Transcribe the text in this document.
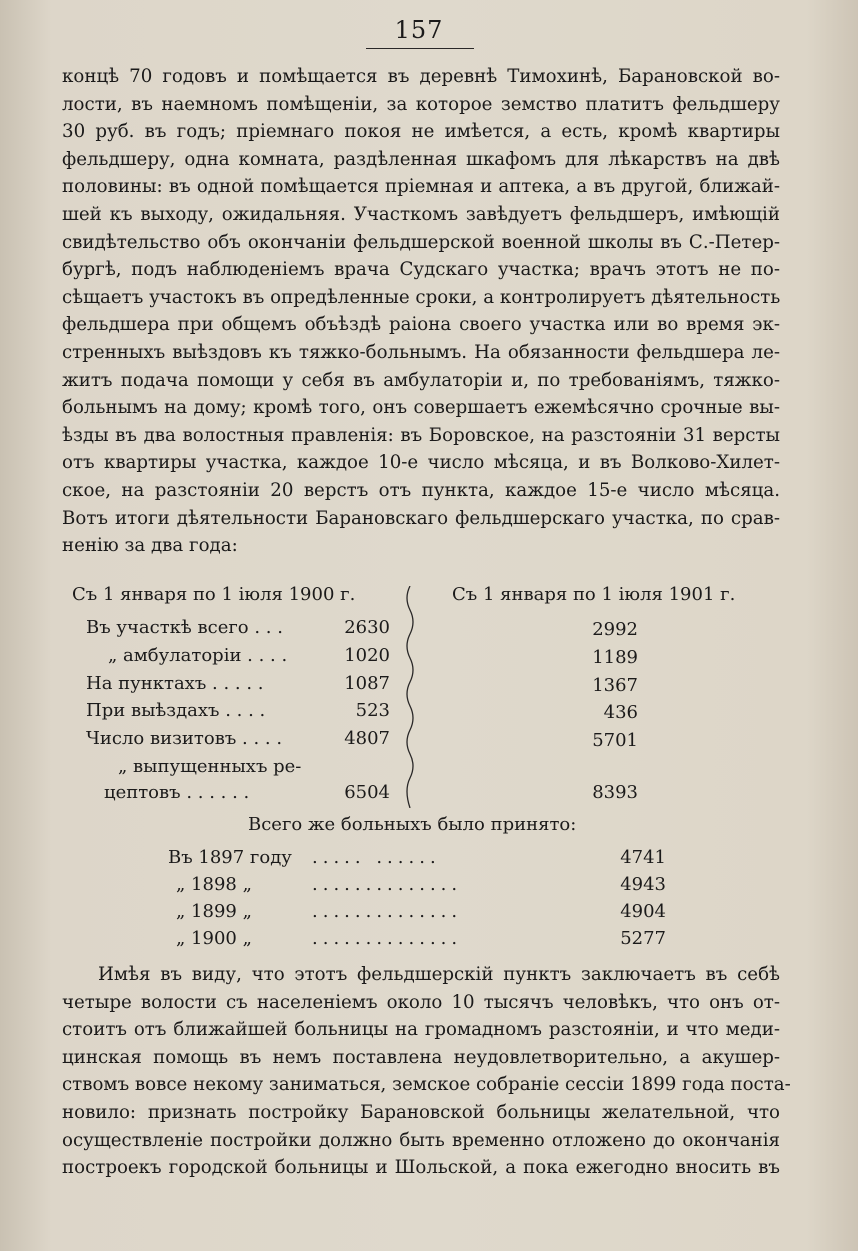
157
концѣ 70 годовъ и помѣщается въ деревнѣ Тимохинѣ, Барановской во-
лости, въ наемномъ помѣщеніи, за которое земство платитъ фельдшеру
30 руб. въ годъ; пріемнаго покоя не имѣется, а есть, кромѣ квартиры
фельдшеру, одна комната, раздѣленная шкафомъ для лѣкарствъ на двѣ
половины: въ одной помѣщается пріемная и аптека, а въ другой, ближай-
шей къ выходу, ожидальняя. Участкомъ завѣдуетъ фельдшеръ, имѣющій
свидѣтельство объ окончаніи фельдшерской военной школы въ С.-Петер-
бургѣ, подъ наблюденіемъ врача Судскаго участка; врачъ этотъ не по-
сѣщаетъ участокъ въ опредѣленные сроки, а контролируетъ дѣятельность
фельдшера при общемъ объѣздѣ раіона своего участка или во время эк-
стренныхъ выѣздовъ къ тяжко-больнымъ. На обязанности фельдшера ле-
житъ подача помощи у себя въ амбулаторіи и, по требованіямъ, тяжко-
больнымъ на дому; кромѣ того, онъ совершаетъ ежемѣсячно срочные вы-
ѣзды въ два волостныя правленія: въ Боровское, на разстояніи 31 версты
отъ квартиры участка, каждое 10-е число мѣсяца, и въ Волково-Хилет-
ское, на разстояніи 20 верстъ отъ пункта, каждое 15-е число мѣсяца.
Вотъ итоги дѣятельности Барановскаго фельдшерскаго участка, по срав-
ненію за два года:
Съ 1 января по 1 іюля 1900 г.	Съ 1 января по 1 іюля 1901 г.
Въ участкѣ всего . . .	2630	2992
„ амбулаторіи . . . .	1020	1189
На пунктахъ . . . . .	1087	1367
При выѣздахъ . . . .	523	436
Число визитовъ . . . .	4807	5701
„ выпущенныхъ ре-
цептовъ . . . . . .	6504	8393
Всего же больныхъ было принято:
Въ 1897 году ..... ......	4741
„ 1898 „	..............	4943
„ 1899 „	..............	4904
„ 1900 „	..............	5277
Имѣя въ виду, что этотъ фельдшерскій пунктъ заключаетъ въ себѣ
четыре волости съ населеніемъ около 10 тысячъ человѣкъ, что онъ от-
стоитъ отъ ближайшей больницы на громадномъ разстояніи, и что меди-
цинская помощь въ немъ поставлена неудовлетворительно, а акушер-
ствомъ вовсе некому заниматься, земское собраніе сессіи 1899 года поста-
новило: признать постройку Барановской больницы желательной, что
осуществленіе постройки должно быть временно отложено до окончанія
построекъ городской больницы и Шольской, а пока ежегодно вносить въ
